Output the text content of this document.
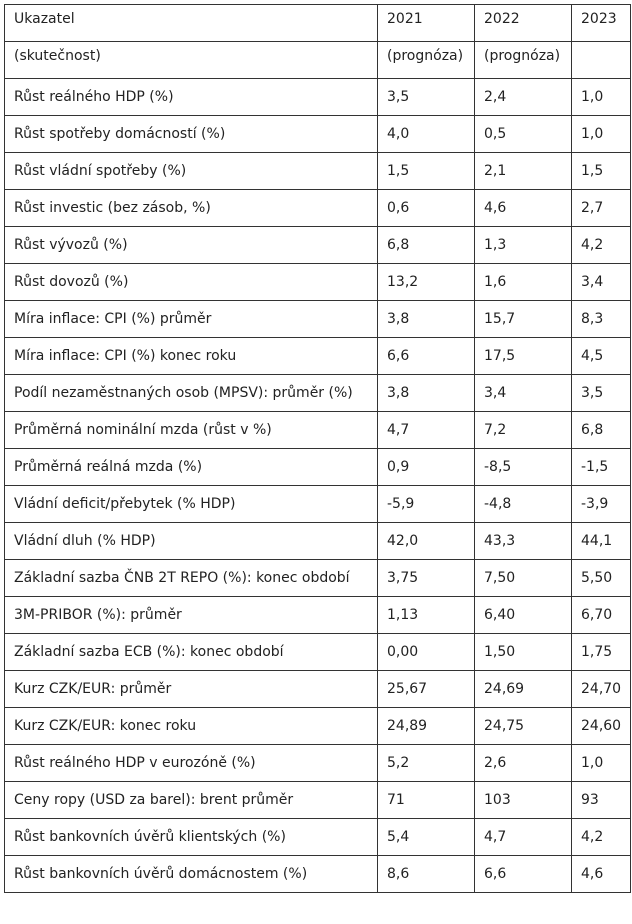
Ukazatel	2021	2022	2023
(skutečnost)	(prognóza)	(prognóza)	
Růst reálného HDP (%)	3,5	2,4	1,0
Růst spotřeby domácností (%)	4,0	0,5	1,0
Růst vládní spotřeby (%)	1,5	2,1	1,5
Růst investic (bez zásob, %)	0,6	4,6	2,7
Růst vývozů (%)	6,8	1,3	4,2
Růst dovozů (%)	13,2	1,6	3,4
Míra inflace: CPI (%) průměr	3,8	15,7	8,3
Míra inflace: CPI (%) konec roku	6,6	17,5	4,5
Podíl nezaměstnaných osob (MPSV): průměr (%)	3,8	3,4	3,5
Průměrná nominální mzda (růst v %)	4,7	7,2	6,8
Průměrná reálná mzda (%)	0,9	-8,5	-1,5
Vládní deficit/přebytek (% HDP)	-5,9	-4,8	-3,9
Vládní dluh (% HDP)	42,0	43,3	44,1
Základní sazba ČNB 2T REPO (%): konec období	3,75	7,50	5,50
3M-PRIBOR (%): průměr	1,13	6,40	6,70
Základní sazba ECB (%): konec období	0,00	1,50	1,75
Kurz CZK/EUR: průměr	25,67	24,69	24,70
Kurz CZK/EUR: konec roku	24,89	24,75	24,60
Růst reálného HDP v eurozóně (%)	5,2	2,6	1,0
Ceny ropy (USD za barel): brent průměr	71	103	93
Růst bankovních úvěrů klientských (%)	5,4	4,7	4,2
Růst bankovních úvěrů domácnostem (%)	8,6	6,6	4,6
